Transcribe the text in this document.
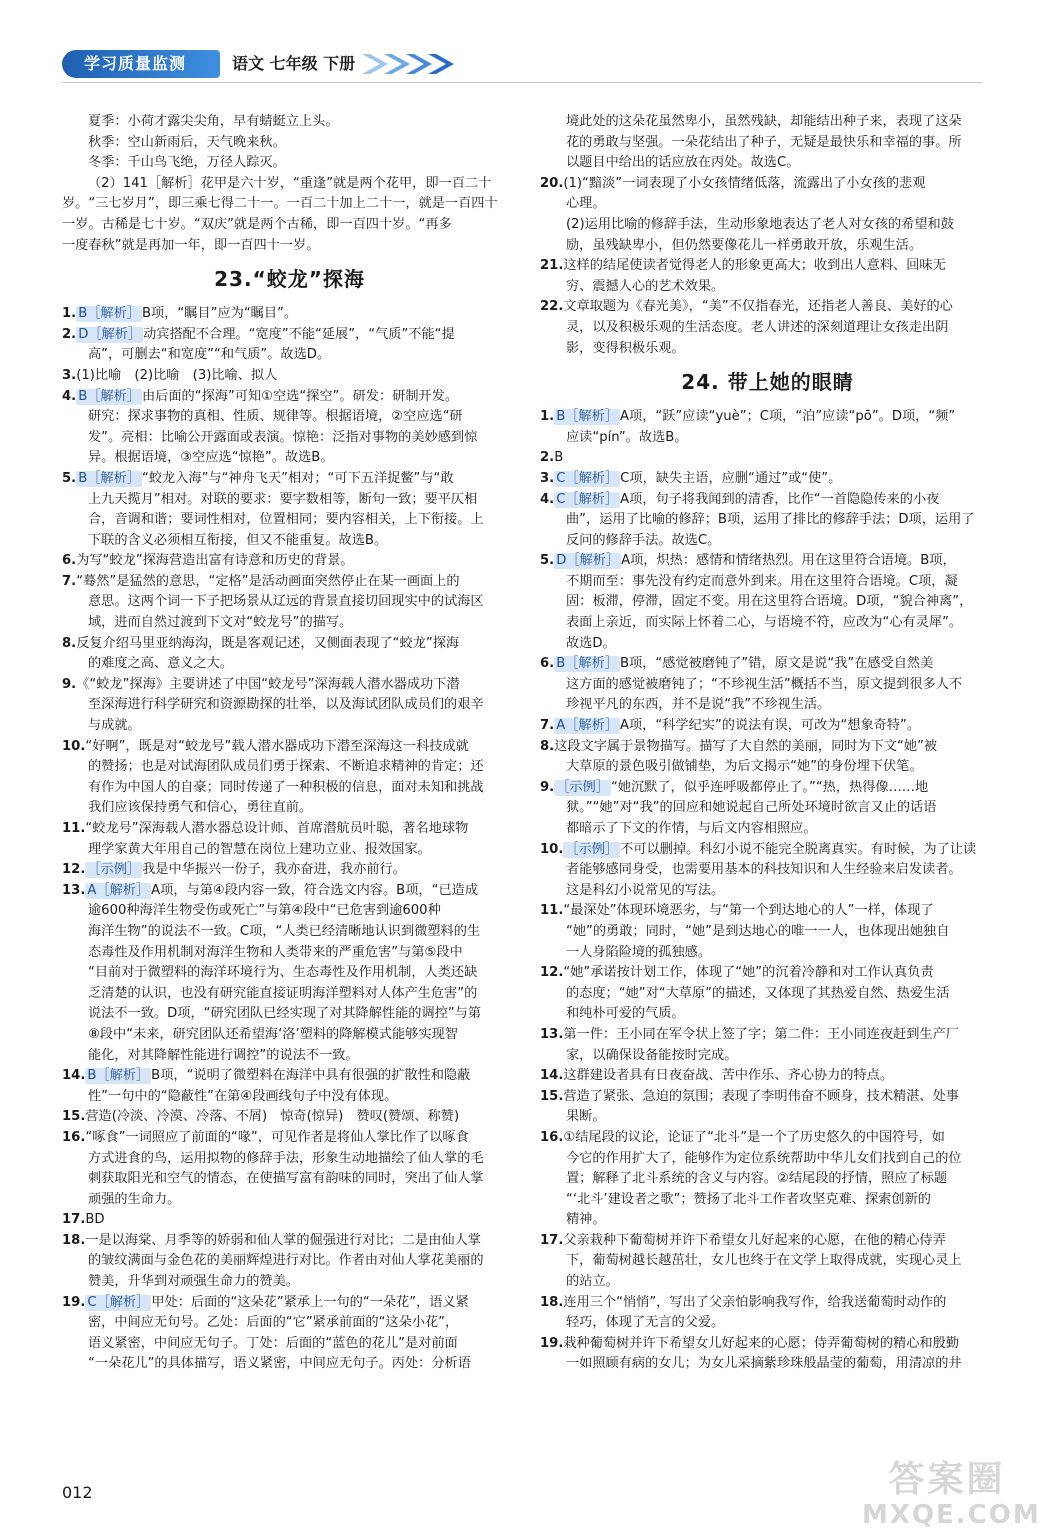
学习质量监测	语文 七年级 下册
夏季：小荷才露尖尖角，早有蜻蜓立上头。
秋季：空山新雨后，天气晚来秋。
冬季：千山鸟飞绝，万径人踪灭。
（2）141［解析］花甲是六十岁，“重逢”就是两个花甲，即一百二十
岁。“三七岁月”，即三乘七得二十一。一百二十加上二十一，就是一百四十
一岁。古稀是七十岁。“双庆”就是两个古稀，即一百四十岁。“再多
一度春秋”就是再加一年，即一百四十一岁。
23.“蛟龙”探海
1. B［解析］ B项，“瞩目”应为“瞩目”。
2. D［解析］ 动宾搭配不合理。“宽度”不能“延展”，“气质”不能“提
高”，可删去“和宽度”“和气质”。故选D。
3.(1)比喻　(2)比喻　(3)比喻、拟人
4. B［解析］ 由后面的“探海”可知①空选“探空”。研发：研制开发。
研究：探求事物的真相、性质、规律等。根据语境，②空应选“研
发”。亮相：比喻公开露面或表演。惊艳：泛指对事物的美妙感到惊
异。根据语境，③空应选“惊艳”。故选B。
5. B［解析］ “蛟龙入海”与“神舟飞天”相对；“可下五洋捉鳖”与“敢
上九天揽月”相对。对联的要求：要字数相等，断句一致；要平仄相
合，音调和谐；要词性相对，位置相同；要内容相关，上下衔接。上
下联的含义必须相互衔接，但又不能重复。故选B。
6.为写“蛟龙”探海营造出富有诗意和历史的背景。
7.“蓦然”是猛然的意思，“定格”是活动画面突然停止在某一画面上的
意思。这两个词一下子把场景从辽远的背景直接切回现实中的试海区
域，进而自然过渡到下文对“蛟龙号”的描写。
8.反复介绍马里亚纳海沟，既是客观记述，又侧面表现了“蛟龙”探海
的难度之高、意义之大。
9.《“蛟龙”探海》主要讲述了中国“蛟龙号”深海载人潜水器成功下潜
至深海进行科学研究和资源勘探的壮举，以及海试团队成员们的艰辛
与成就。
10.“好啊”，既是对“蛟龙号”载人潜水器成功下潜至深海这一科技成就
的赞扬；也是对试海团队成员们勇于探索、不断追求精神的肯定；还
有作为中国人的自豪；同时传递了一种积极的信息，面对未知和挑战
我们应该保持勇气和信心，勇往直前。
11.“蛟龙号”深海载人潜水器总设计师、首席潜航员叶聪，著名地球物
理学家黄大年用自己的智慧在岗位上建功立业、报效国家。
12. ［示例］ 我是中华振兴一份子，我亦奋进，我亦前行。
13. A［解析］ A项，与第④段内容一致，符合选文内容。B项，“已造成
逾600种海洋生物受伤或死亡”与第④段中“已危害到逾600种
海洋生物”的说法不一致。C项，“人类已经清晰地认识到微塑料的生
态毒性及作用机制对海洋生物和人类带来的严重危害”与第⑤段中
“目前对于微塑料的海洋环境行为、生态毒性及作用机制，人类还缺
乏清楚的认识，也没有研究能直接证明海洋塑料对人体产生危害”的
说法不一致。D项，“研究团队已经实现了对其降解性能的调控”与第
⑧段中“未来，研究团队还希望海‘洛’塑料的降解模式能够实现智
能化，对其降解性能进行调控”的说法不一致。
14. B［解析］ B项，“说明了微塑料在海洋中具有很强的扩散性和隐蔽
性”一句中的“隐蔽性”在第④段画线句子中没有体现。
15.营造(冷淡、冷漠、冷落、不屑)　惊奇(惊异)　赞叹(赞颂、称赞)
16.“啄食”一词照应了前面的“喙”，可见作者是将仙人掌比作了以啄食
方式进食的鸟，运用拟物的修辞手法，形象生动地描绘了仙人掌的毛
刺获取阳光和空气的情态，在使描写富有韵味的同时，突出了仙人掌
顽强的生命力。
17.BD
18.一是以海棠、月季等的娇弱和仙人掌的倔强进行对比；二是由仙人掌
的皱纹满面与金色花的美丽辉煌进行对比。作者由对仙人掌花美丽的
赞美，升华到对顽强生命力的赞美。
19. C［解析］ 甲处：后面的“这朵花”紧承上一句的“一朵花”，语义紧
密，中间应无句号。乙处：后面的“它”紧承前面的“这朵小花”，
语义紧密，中间应无句子。丁处：后面的“蓝色的花儿”是对前面
“一朵花儿”的具体描写，语义紧密，中间应无句子。丙处：分析语
境此处的这朵花虽然卑小，虽然残缺，却能结出种子来，表现了这朵
花的勇敢与坚强。一朵花结出了种子，无疑是最快乐和幸福的事。所
以题目中给出的话应放在丙处。故选C。
20.(1)“黯淡”一词表现了小女孩情绪低落，流露出了小女孩的悲观
心理。
(2)运用比喻的修辞手法，生动形象地表达了老人对女孩的希望和鼓
励，虽残缺卑小，但仍然要像花儿一样勇敢开放，乐观生活。
21.这样的结尾使读者觉得老人的形象更高大；收到出人意料、回味无
穷、震撼人心的艺术效果。
22.文章取题为《春光美》，“美”不仅指春光，还指老人善良、美好的心
灵，以及积极乐观的生活态度。老人讲述的深刻道理让女孩走出阴
影，变得积极乐观。
24. 带上她的眼睛
1. B［解析］ A项，“跃”应读“yuè”；C项，“泊”应读“pō”。D项，“频”
应读“pín”。故选B。
2.B
3. C［解析］ C项，缺失主语，应删“通过”或“使”。
4. C［解析］ A项，句子将我闻到的清香，比作“一首隐隐传来的小夜
曲”，运用了比喻的修辞；B项，运用了排比的修辞手法；D项，运用了
反问的修辞手法。故选C。
5. D［解析］ A项，炽热：感情和情绪热烈。用在这里符合语境。B项，
不期而至：事先没有约定而意外到来。用在这里符合语境。C项，凝
固：板滞，停滞，固定不变。用在这里符合语境。D项，“貌合神离”，
表面上亲近，而实际上怀着二心，与语境不符，应改为“心有灵犀”。
故选D。
6. B［解析］ B项，“感觉被磨钝了”错，原文是说“我”在感受自然美
这方面的感觉被磨钝了；“不珍视生活”概括不当，原文提到很多人不
珍视平凡的东西，并不是说“我”不珍视生活。
7. A［解析］ A项，“科学纪实”的说法有误，可改为“想象奇特”。
8.这段文字属于景物描写。描写了大自然的美丽，同时为下文“她”被
大草原的景色吸引做铺垫，为后文揭示“她”的身份埋下伏笔。
9. ［示例］ “她沉默了，似乎连呼吸都停止了。”“热，热得像……地
狱。”“她”对“我”的回应和她说起自己所处环境时欲言又止的话语
都暗示了下文的作情，与后文内容相照应。
10. ［示例］ 不可以删掉。科幻小说不能完全脱离真实。有时候，为了让读
者能够感同身受，也需要用基本的科技知识和人生经验来启发读者。
这是科幻小说常见的写法。
11.“最深处”体现环境恶劣，与“第一个到达地心的人”一样，体现了
“她”的勇敢；同时，“她”是到达地心的唯一一人，也体现出她独自
一人身陷险境的孤独感。
12.“她”承诺按计划工作，体现了“她”的沉着冷静和对工作认真负责
的态度；“她”对“大草原”的描述，又体现了其热爱自然、热爱生活
和纯朴可爱的气质。
13.第一件：王小同在军令状上签了字；第二件：王小同连夜赶到生产厂
家，以确保设备能按时完成。
14.这群建设者具有日夜奋战、苦中作乐、齐心协力的特点。
15.营造了紧张、急迫的氛围；表现了李明伟奋不顾身，技术精湛、处事
果断。
16.①结尾段的议论，论证了“北斗”是一个了历史悠久的中国符号，如
今它的作用扩大了，能够作为定位系统帮助中华儿女们找到自己的位
置；解释了北斗系统的含义与内容。②结尾段的抒情，照应了标题
“‘北斗’建设者之歌”；赞扬了北斗工作者攻坚克难、探索创新的
精神。
17.父亲栽种下葡萄树并许下希望女儿好起来的心愿，在他的精心侍弄
下，葡萄树越长越茁壮，女儿也终于在文学上取得成就，实现心灵上
的站立。
18.连用三个“悄悄”，写出了父亲怕影响我写作，给我送葡萄时动作的
轻巧，体现了无言的父爱。
19.栽种葡萄树并许下希望女儿好起来的心愿；侍弄葡萄树的精心和殷勤
一如照顾有病的女儿；为女儿采摘紫珍珠般晶莹的葡萄，用清凉的井
012	答案圈
MXQE.COM
